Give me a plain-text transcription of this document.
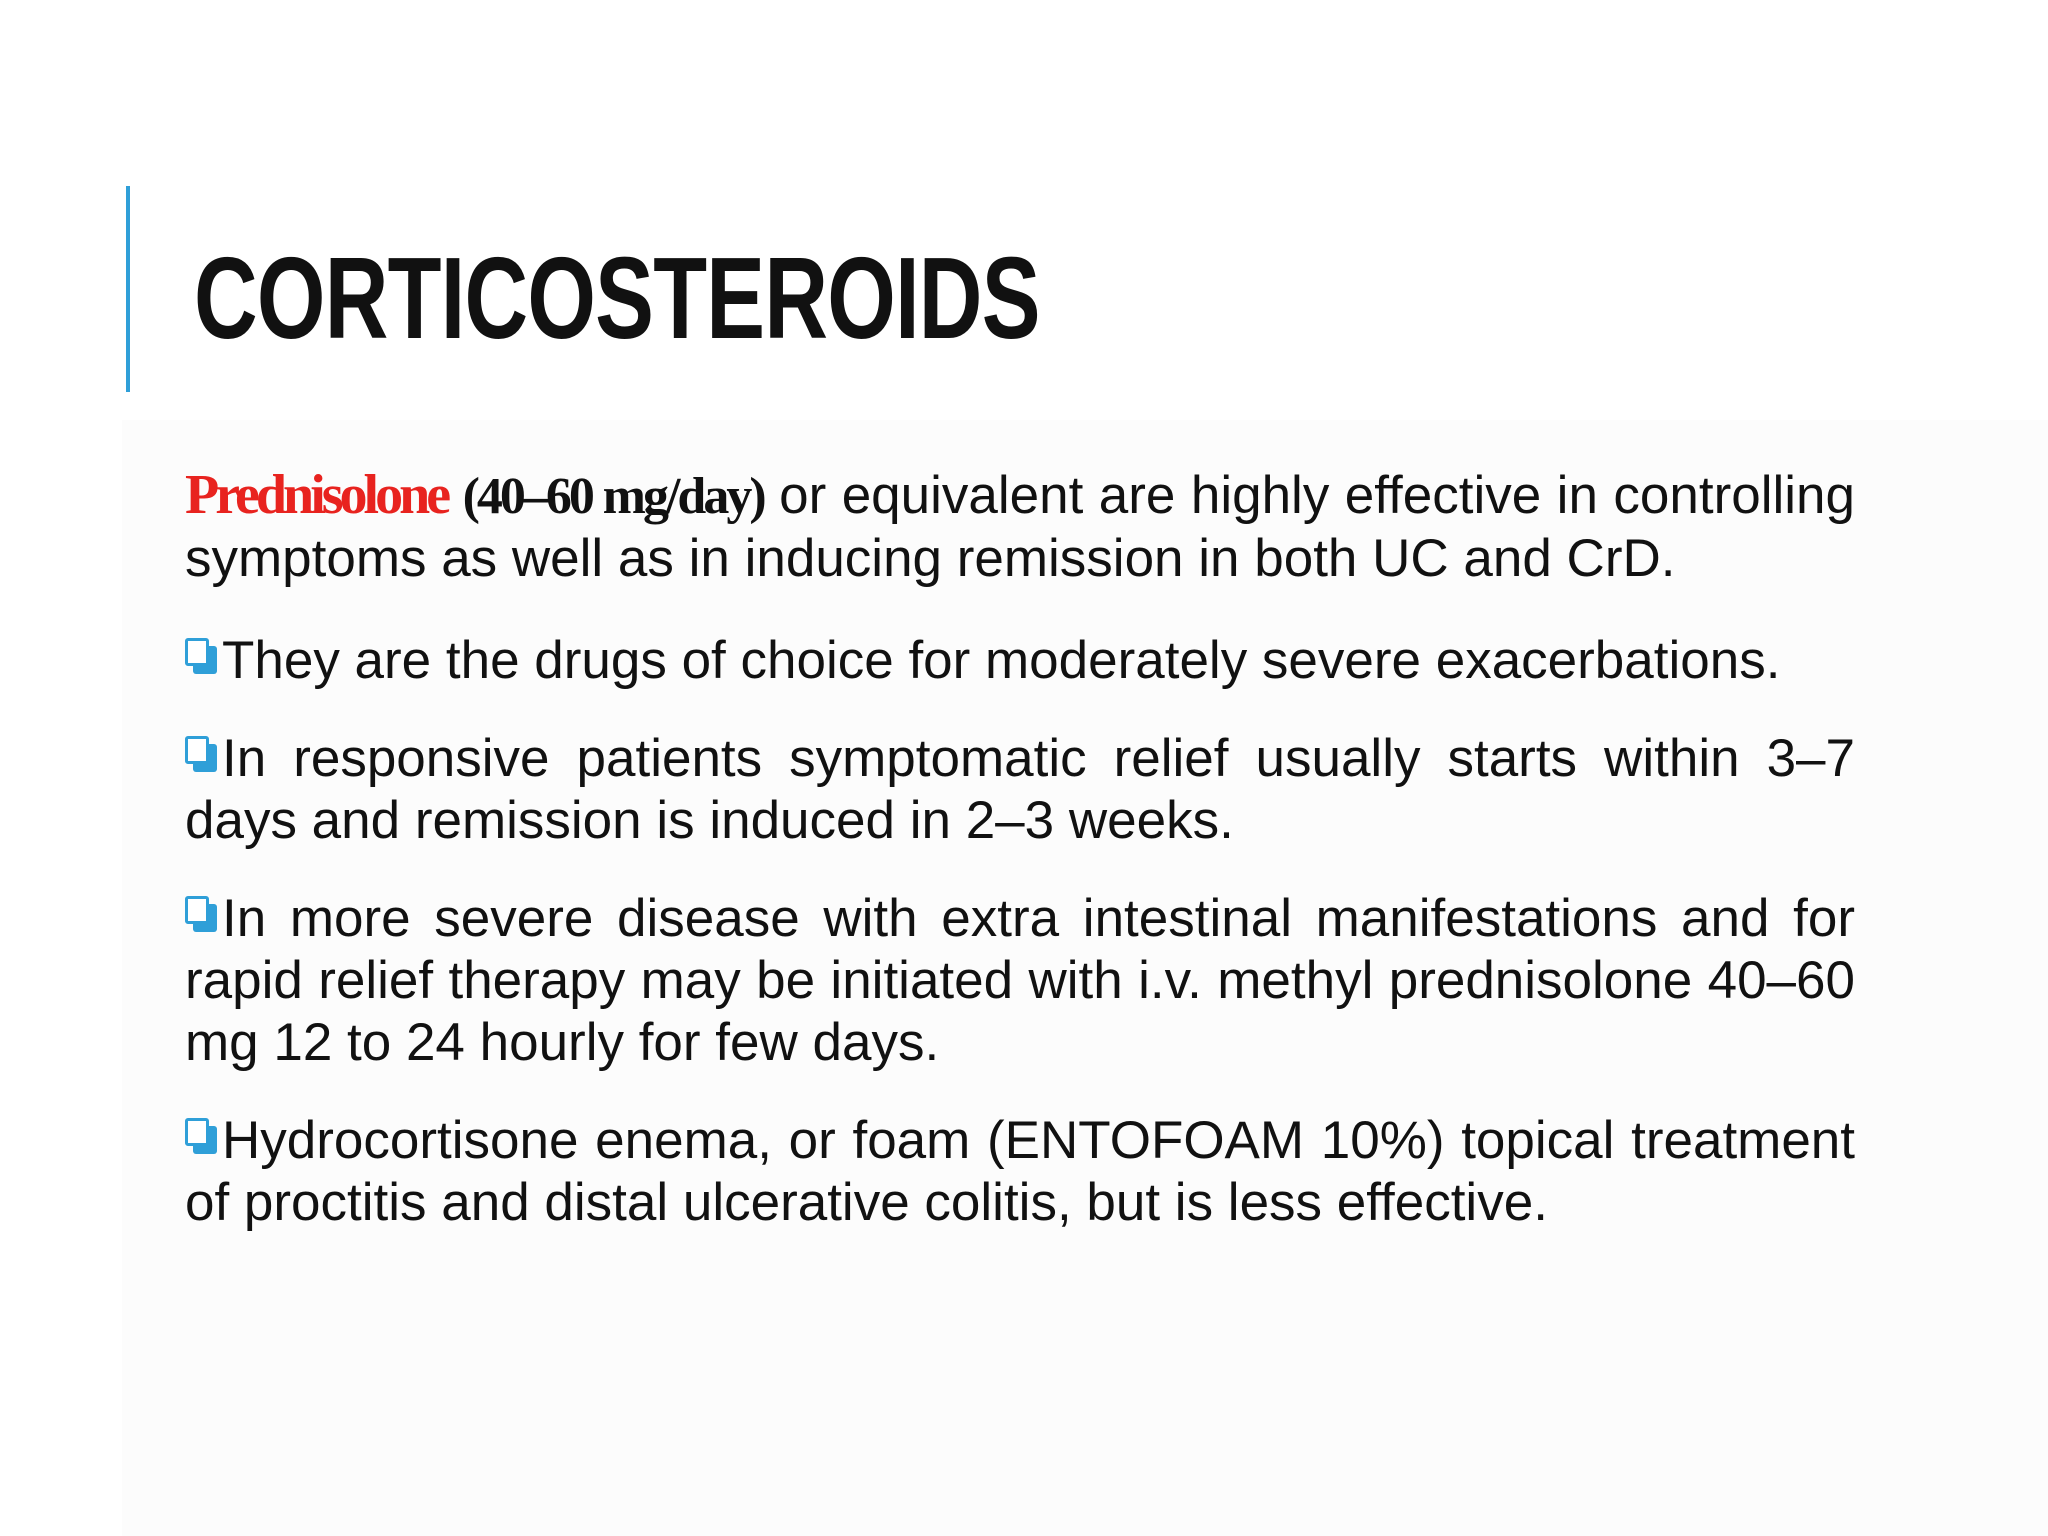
CORTICOSTEROIDS

Prednisolone (40–60 mg/day) or equivalent are highly effective in controlling symptoms as well as in inducing remission in both UC and CrD.

They are the drugs of choice for moderately severe exacerbations.

In responsive patients symptomatic relief usually starts within 3–7 days and remission is induced in 2–3 weeks.

In more severe disease with extra intestinal manifestations and for rapid relief therapy may be initiated with i.v. methyl prednisolone 40–60 mg 12 to 24 hourly for few days.

Hydrocortisone enema, or foam (ENTOFOAM 10%) topical treatment of proctitis and distal ulcerative colitis, but is less effective.
